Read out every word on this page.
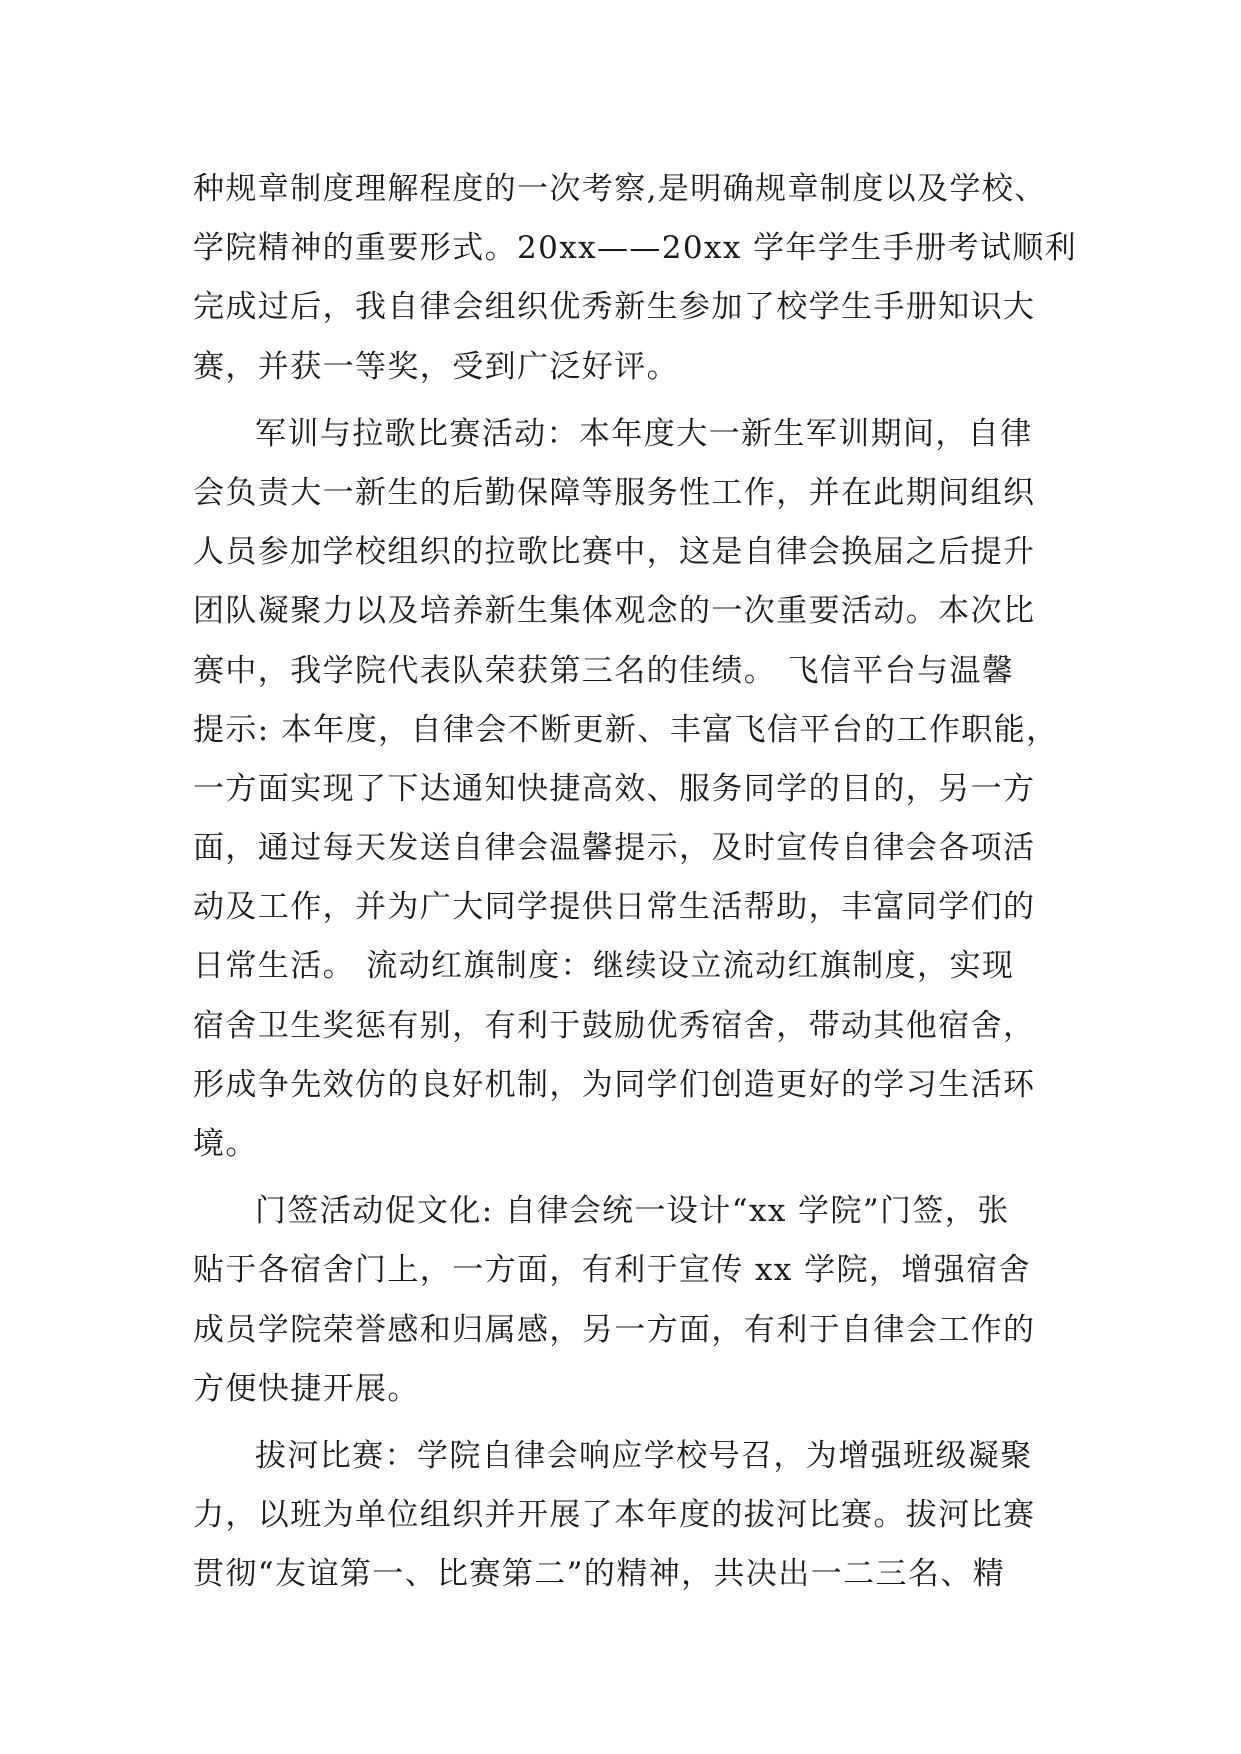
种规章制度理解程度的一次考察,是明确规章制度以及学校、
学院精神的重要形式。20xx——20xx 学年学生手册考试顺利
完成过后，我自律会组织优秀新生参加了校学生手册知识大
赛，并获一等奖，受到广泛好评。
军训与拉歌比赛活动：本年度大一新生军训期间，自律
会负责大一新生的后勤保障等服务性工作，并在此期间组织
人员参加学校组织的拉歌比赛中，这是自律会换届之后提升
团队凝聚力以及培养新生集体观念的一次重要活动。本次比
赛中，我学院代表队荣获第三名的佳绩。 飞信平台与温馨
提示: 本年度，自律会不断更新、丰富飞信平台的工作职能，
一方面实现了下达通知快捷高效、服务同学的目的，另一方
面，通过每天发送自律会温馨提示，及时宣传自律会各项活
动及工作，并为广大同学提供日常生活帮助，丰富同学们的
日常生活。 流动红旗制度：继续设立流动红旗制度，实现
宿舍卫生奖惩有别，有利于鼓励优秀宿舍，带动其他宿舍，
形成争先效仿的良好机制，为同学们创造更好的学习生活环
境。
门签活动促文化: 自律会统一设计“xx 学院”门签，张
贴于各宿舍门上，一方面，有利于宣传 xx 学院，增强宿舍
成员学院荣誉感和归属感，另一方面，有利于自律会工作的
方便快捷开展。
拔河比赛：学院自律会响应学校号召，为增强班级凝聚
力，以班为单位组织并开展了本年度的拔河比赛。拔河比赛
贯彻“友谊第一、比赛第二”的精神，共决出一二三名、精
